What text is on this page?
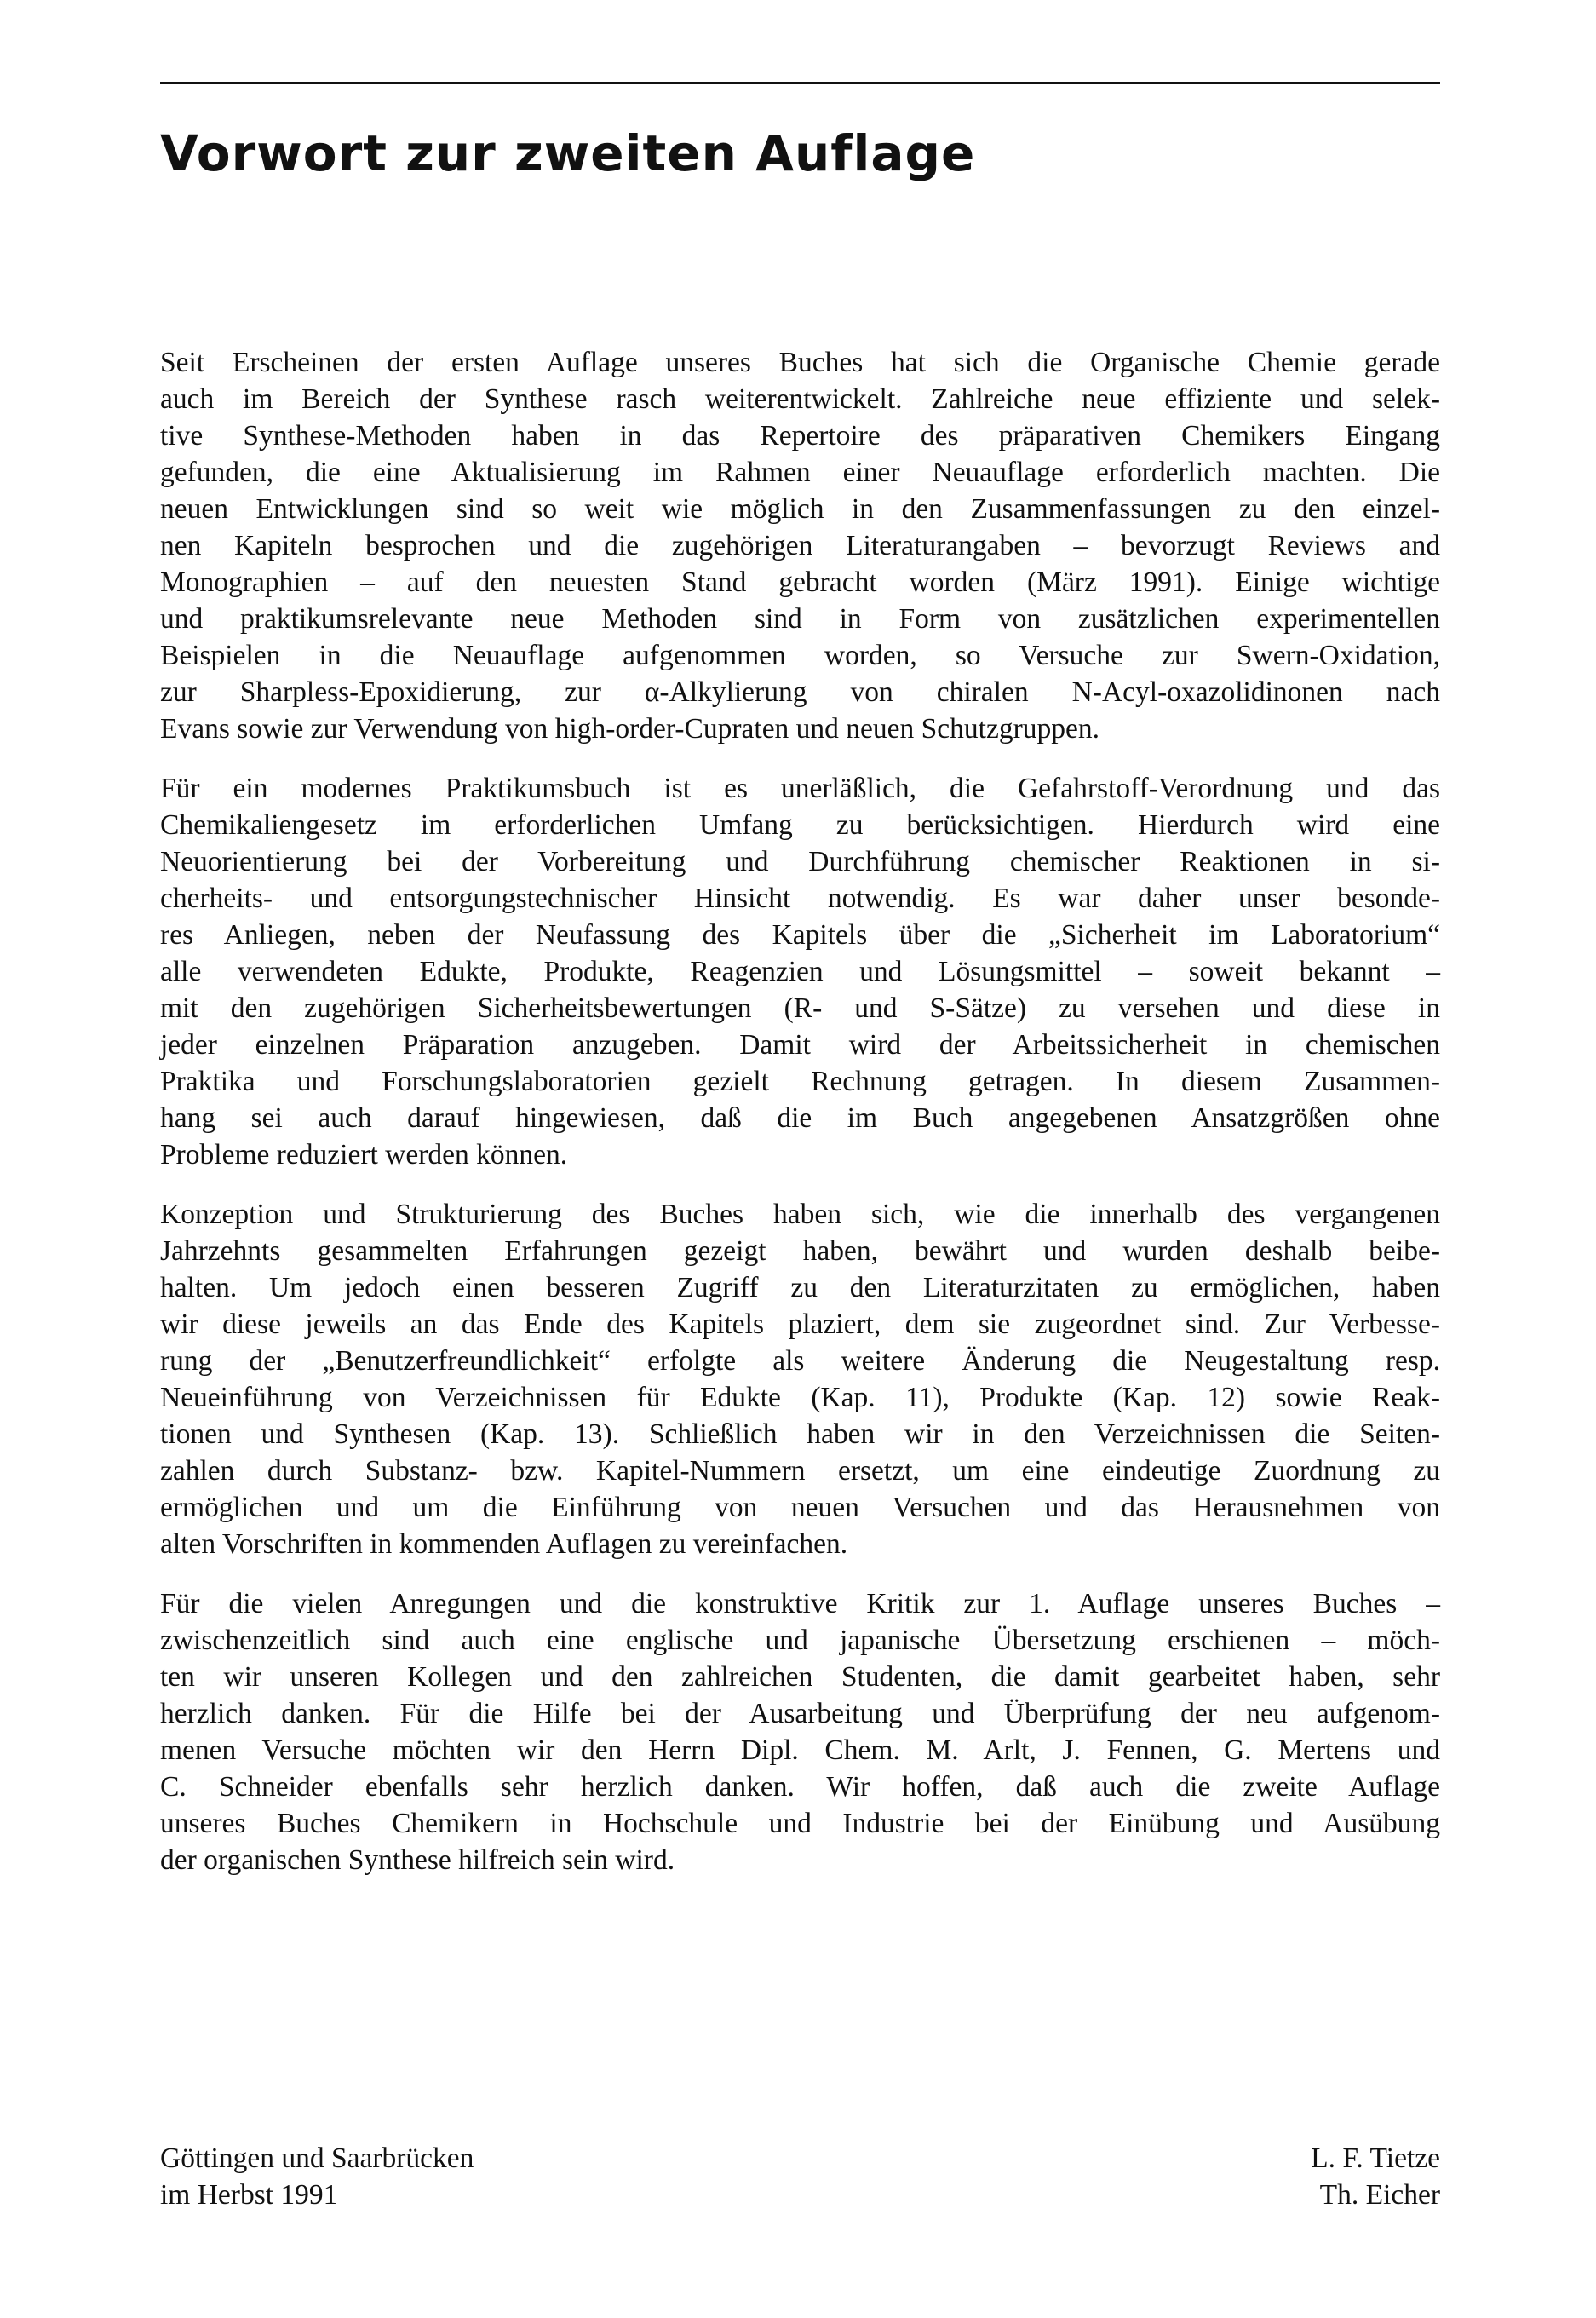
Vorwort zur zweiten Auflage

Seit Erscheinen der ersten Auflage unseres Buches hat sich die Organische Chemie gerade
auch im Bereich der Synthese rasch weiterentwickelt. Zahlreiche neue effiziente und selek-
tive Synthese-Methoden haben in das Repertoire des präparativen Chemikers Eingang
gefunden, die eine Aktualisierung im Rahmen einer Neuauflage erforderlich machten. Die
neuen Entwicklungen sind so weit wie möglich in den Zusammenfassungen zu den einzel-
nen Kapiteln besprochen und die zugehörigen Literaturangaben – bevorzugt Reviews and
Monographien – auf den neuesten Stand gebracht worden (März 1991). Einige wichtige
und praktikumsrelevante neue Methoden sind in Form von zusätzlichen experimentellen
Beispielen in die Neuauflage aufgenommen worden, so Versuche zur Swern-Oxidation,
zur Sharpless-Epoxidierung, zur α-Alkylierung von chiralen N-Acyl-oxazolidinonen nach
Evans sowie zur Verwendung von high-order-Cupraten und neuen Schutzgruppen.

Für ein modernes Praktikumsbuch ist es unerläßlich, die Gefahrstoff-Verordnung und das
Chemikaliengesetz im erforderlichen Umfang zu berücksichtigen. Hierdurch wird eine
Neuorientierung bei der Vorbereitung und Durchführung chemischer Reaktionen in si-
cherheits- und entsorgungstechnischer Hinsicht notwendig. Es war daher unser besonde-
res Anliegen, neben der Neufassung des Kapitels über die „Sicherheit im Laboratorium“
alle verwendeten Edukte, Produkte, Reagenzien und Lösungsmittel – soweit bekannt –
mit den zugehörigen Sicherheitsbewertungen (R- und S-Sätze) zu versehen und diese in
jeder einzelnen Präparation anzugeben. Damit wird der Arbeitssicherheit in chemischen
Praktika und Forschungslaboratorien gezielt Rechnung getragen. In diesem Zusammen-
hang sei auch darauf hingewiesen, daß die im Buch angegebenen Ansatzgrößen ohne
Probleme reduziert werden können.

Konzeption und Strukturierung des Buches haben sich, wie die innerhalb des vergangenen
Jahrzehnts gesammelten Erfahrungen gezeigt haben, bewährt und wurden deshalb beibe-
halten. Um jedoch einen besseren Zugriff zu den Literaturzitaten zu ermöglichen, haben
wir diese jeweils an das Ende des Kapitels plaziert, dem sie zugeordnet sind. Zur Verbesse-
rung der „Benutzerfreundlichkeit“ erfolgte als weitere Änderung die Neugestaltung resp.
Neueinführung von Verzeichnissen für Edukte (Kap. 11), Produkte (Kap. 12) sowie Reak-
tionen und Synthesen (Kap. 13). Schließlich haben wir in den Verzeichnissen die Seiten-
zahlen durch Substanz- bzw. Kapitel-Nummern ersetzt, um eine eindeutige Zuordnung zu
ermöglichen und um die Einführung von neuen Versuchen und das Herausnehmen von
alten Vorschriften in kommenden Auflagen zu vereinfachen.

Für die vielen Anregungen und die konstruktive Kritik zur 1. Auflage unseres Buches –
zwischenzeitlich sind auch eine englische und japanische Übersetzung erschienen – möch-
ten wir unseren Kollegen und den zahlreichen Studenten, die damit gearbeitet haben, sehr
herzlich danken. Für die Hilfe bei der Ausarbeitung und Überprüfung der neu aufgenom-
menen Versuche möchten wir den Herrn Dipl. Chem. M. Arlt, J. Fennen, G. Mertens und
C. Schneider ebenfalls sehr herzlich danken. Wir hoffen, daß auch die zweite Auflage
unseres Buches Chemikern in Hochschule und Industrie bei der Einübung und Ausübung
der organischen Synthese hilfreich sein wird.

Göttingen und Saarbrücken
im Herbst 1991
L. F. Tietze
Th. Eicher
